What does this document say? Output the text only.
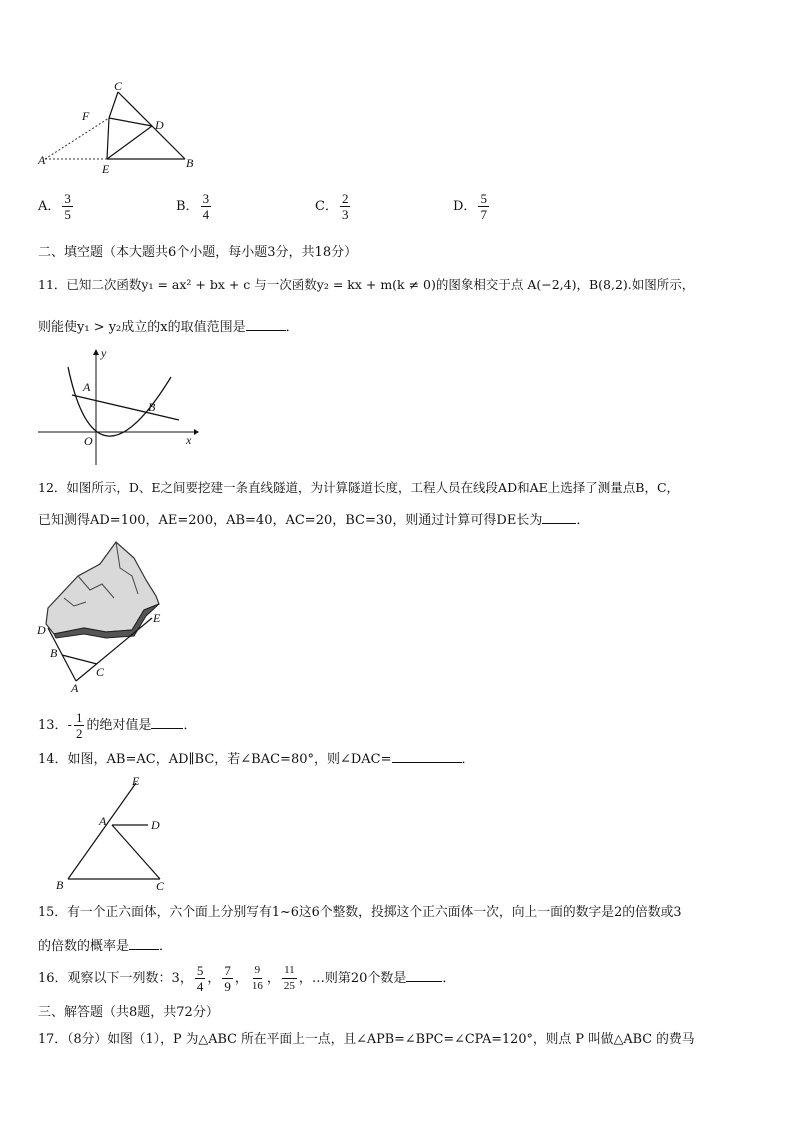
C
F
D
A
E	B
A． $\frac{3}{5}$	B． $\frac{3}{4}$	C． $\frac{2}{3}$	D． $\frac{5}{7}$
二、填空题（本大题共6个小题，每小题3分，共18分）
11．已知二次函数y₁ = ax² + bx + c 与一次函数y₂ = kx + m(k ≠ 0)的图象相交于点 A(−2,4)，B(8,2).如图所示，
则能使y₁ > y₂成立的x的取值范围是	．
y
x
O
A
B
12．如图所示，D、E之间要挖建一条直线隧道，为计算隧道长度，工程人员在线段AD和AE上选择了测量点B，C，
已知测得AD=100，AE=200，AB=40，AC=20，BC=30，则通过计算可得DE长为	．
D
E
B
C
A
13．- $\frac{1}{2}$ 的绝对值是 ．
14．如图，AB=AC，AD∥BC，若∠BAC=80°，则∠DAC=	．
E
A	D
B	C
15．有一个正六面体，六个面上分别写有1~6这6个整数，投掷这个正六面体一次，向上一面的数字是2的倍数或3
的倍数的概率是 ．
16．观察以下一列数：3， $\frac{5}{4}$ ， $\frac{7}{9}$ ， $\frac{9}{16}$ ， $\frac{11}{25}$ ，…则第20个数是	．
三、解答题（共8题，共72分）
17．（8分）如图（1），P 为△ABC 所在平面上一点，且∠APB=∠BPC=∠CPA=120°，则点 P 叫做△ABC 的费马
